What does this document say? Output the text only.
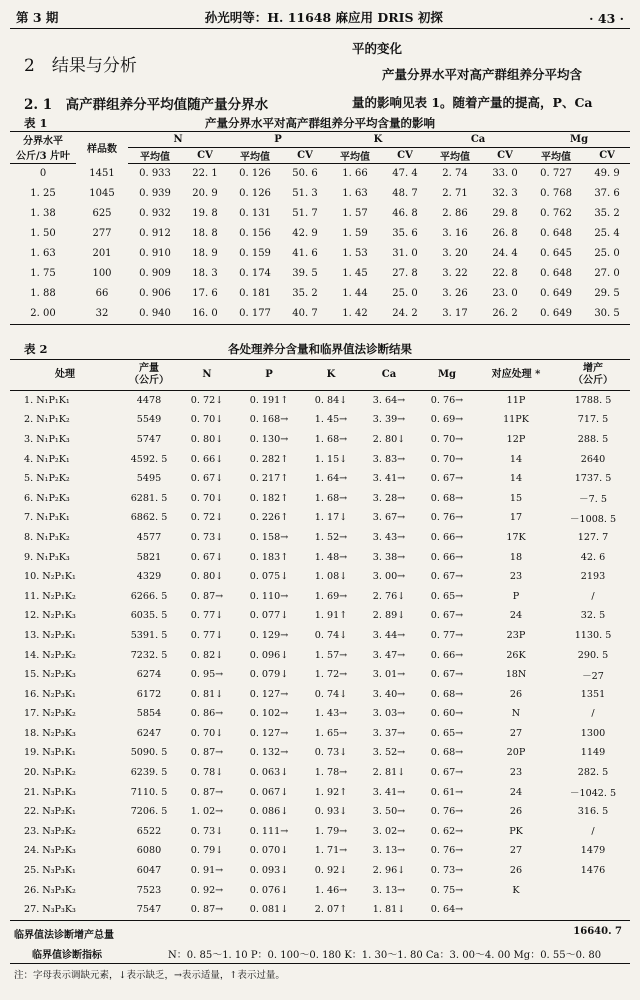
第 3 期	孙光明等：H. 11648 麻应用 DRIS 初探	· 43 ·
2　结果与分析
平的变化
产量分界水平对高产群组养分平均含
2. 1　高产群组养分平均值随产量分界水	量的影响见表 1。随着产量的提高，P、Ca
表 1	产量分界水平对高产群组养分平均含量的影响
分界水平	样品数	N		P		K		Ca		Mg	
公斤/3 片叶		平均值	CV	平均值	CV	平均值	CV	平均值	CV	平均值	CV
0	1451	0. 933	22. 1	0. 126	50. 6	1. 66	47. 4	2. 74	33. 0	0. 727	49. 9
1. 25	1045	0. 939	20. 9	0. 126	51. 3	1. 63	48. 7	2. 71	32. 3	0. 768	37. 6
1. 38	625	0. 932	19. 8	0. 131	51. 7	1. 57	46. 8	2. 86	29. 8	0. 762	35. 2
1. 50	277	0. 912	18. 8	0. 156	42. 9	1. 59	35. 6	3. 16	26. 8	0. 648	25. 4
1. 63	201	0. 910	18. 9	0. 159	41. 6	1. 53	31. 0	3. 20	24. 4	0. 645	25. 0
1. 75	100	0. 909	18. 3	0. 174	39. 5	1. 45	27. 8	3. 22	22. 8	0. 648	27. 0
1. 88	66	0. 906	17. 6	0. 181	35. 2	1. 44	25. 0	3. 26	23. 0	0. 649	29. 5
2. 00	32	0. 940	16. 0	0. 177	40. 7	1. 42	24. 2	3. 17	26. 2	0. 649	30. 5
表 2	各处理养分含量和临界值法诊断结果
处理	产量
（公斤）	N	P	K	Ca	Mg	对应处理 *	增产
（公斤）
1. N₁P₁K₁	4478	0. 72↓	0. 191↑	0. 84↓	3. 64→	0. 76→	11P	1788. 5
2. N₁P₁K₂	5549	0. 70↓	0. 168→	1. 45→	3. 39→	0. 69→	11PK	717. 5
3. N₁P₁K₃	5747	0. 80↓	0. 130→	1. 68→	2. 80↓	0. 70→	12P	288. 5
4. N₁P₂K₁	4592. 5	0. 66↓	0. 282↑	1. 15↓	3. 83→	0. 70→	14	2640
5. N₁P₂K₂	5495	0. 67↓	0. 217↑	1. 64→	3. 41→	0. 67→	14	1737. 5
6. N₁P₂K₃	6281. 5	0. 70↓	0. 182↑	1. 68→	3. 28→	0. 68→	15	－7. 5
7. N₁P₃K₁	6862. 5	0. 72↓	0. 226↑	1. 17↓	3. 67→	0. 76→	17	－1008. 5
8. N₁P₃K₂	4577	0. 73↓	0. 158→	1. 52→	3. 43→	0. 66→	17K	127. 7
9. N₁P₃K₃	5821	0. 67↓	0. 183↑	1. 48→	3. 38→	0. 66→	18	42. 6
10. N₂P₁K₁	4329	0. 80↓	0. 075↓	1. 08↓	3. 00→	0. 67→	23	2193
11. N₂P₁K₂	6266. 5	0. 87→	0. 110→	1. 69→	2. 76↓	0. 65→	P	/
12. N₂P₁K₃	6035. 5	0. 77↓	0. 077↓	1. 91↑	2. 89↓	0. 67→	24	32. 5
13. N₂P₂K₁	5391. 5	0. 77↓	0. 129→	0. 74↓	3. 44→	0. 77→	23P	1130. 5
14. N₂P₂K₂	7232. 5	0. 82↓	0. 096↓	1. 57→	3. 47→	0. 66→	26K	290. 5
15. N₂P₂K₃	6274	0. 95→	0. 079↓	1. 72→	3. 01→	0. 67→	18N	－27
16. N₂P₃K₁	6172	0. 81↓	0. 127→	0. 74↓	3. 40→	0. 68→	26	1351
17. N₂P₃K₂	5854	0. 86→	0. 102→	1. 43→	3. 03→	0. 60→	N	/
18. N₂P₃K₃	6247	0. 70↓	0. 127→	1. 65→	3. 37→	0. 65→	27	1300
19. N₃P₁K₁	5090. 5	0. 87→	0. 132→	0. 73↓	3. 52→	0. 68→	20P	1149
20. N₃P₁K₂	6239. 5	0. 78↓	0. 063↓	1. 78→	2. 81↓	0. 67→	23	282. 5
21. N₃P₁K₃	7110. 5	0. 87→	0. 067↓	1. 92↑	3. 41→	0. 61→	24	－1042. 5
22. N₃P₂K₁	7206. 5	1. 02→	0. 086↓	0. 93↓	3. 50→	0. 76→	26	316. 5
23. N₃P₂K₂	6522	0. 73↓	0. 111→	1. 79→	3. 02→	0. 62→	PK	/
24. N₃P₂K₃	6080	0. 79↓	0. 070↓	1. 71→	3. 13→	0. 76→	27	1479
25. N₃P₃K₁	6047	0. 91→	0. 093↓	0. 92↓	2. 96↓	0. 73→	26	1476
26. N₃P₃K₂	7523	0. 92→	0. 076↓	1. 46→	3. 13→	0. 75→	K	
27. N₃P₃K₃	7547	0. 87→	0. 081↓	2. 07↑	1. 81↓	0. 64→		
临界值法诊断增产总量	16640. 7
临界值诊断指标	N：0. 85～1. 10 P：0. 100～0. 180 K：1. 30～1. 80 Ca：3. 00～4. 00 Mg：0. 55～0. 80
注：字母表示调缺元素，↓表示缺乏，→表示适量，↑表示过量。
